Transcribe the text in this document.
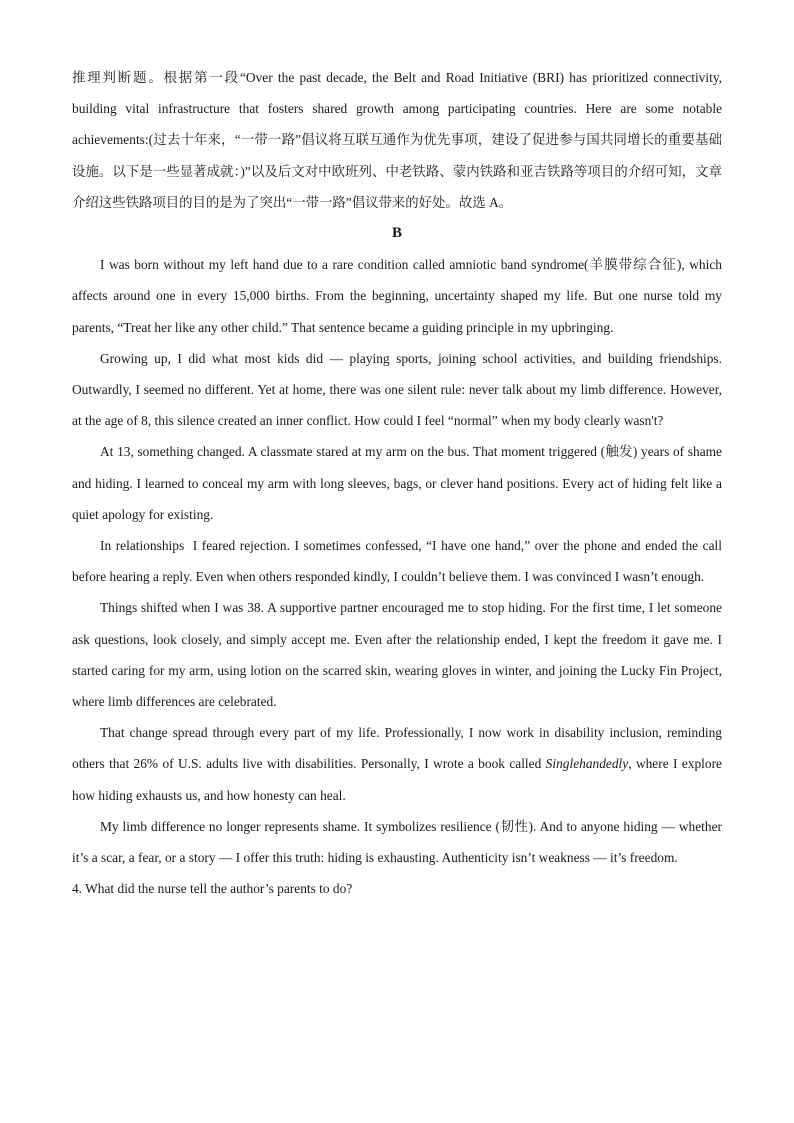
推理判断题。根据第一段“Over the past decade, the Belt and Road Initiative (BRI) has prioritized connectivity, building vital infrastructure that fosters shared growth among participating countries. Here are some notable achievements:(过去十年来，“一带一路”倡议将互联互通作为优先事项，建设了促进参与国共同增长的重要基础设施。以下是一些显著成就：)”以及后文对中欧班列、中老铁路、蒙内铁路和亚吉铁路等项目的介绍可知，文章介绍这些铁路项目的目的是为了突出“一带一路”倡议带来的好处。故选 A。

B

I was born without my left hand due to a rare condition called amniotic band syndrome(羊膜带综合征), which affects around one in every 15,000 births. From the beginning, uncertainty shaped my life. But one nurse told my parents, “Treat her like any other child.” That sentence became a guiding principle in my upbringing.

Growing up, I did what most kids did — playing sports, joining school activities, and building friendships. Outwardly, I seemed no different. Yet at home, there was one silent rule: never talk about my limb difference. However, at the age of 8, this silence created an inner conflict. How could I feel “normal” when my body clearly wasn't?

At 13, something changed. A classmate stared at my arm on the bus. That moment triggered (触发) years of shame and hiding. I learned to conceal my arm with long sleeves, bags, or clever hand positions. Every act of hiding felt like a quiet apology for existing.

In relationships I feared rejection. I sometimes confessed, “I have one hand,” over the phone and ended the call before hearing a reply. Even when others responded kindly, I couldn’t believe them. I was convinced I wasn’t enough.

Things shifted when I was 38. A supportive partner encouraged me to stop hiding. For the first time, I let someone ask questions, look closely, and simply accept me. Even after the relationship ended, I kept the freedom it gave me. I started caring for my arm, using lotion on the scarred skin, wearing gloves in winter, and joining the Lucky Fin Project, where limb differences are celebrated.

That change spread through every part of my life. Professionally, I now work in disability inclusion, reminding others that 26% of U.S. adults live with disabilities. Personally, I wrote a book called Singlehandedly, where I explore how hiding exhausts us, and how honesty can heal.

My limb difference no longer represents shame. It symbolizes resilience (韧性). And to anyone hiding — whether it’s a scar, a fear, or a story — I offer this truth: hiding is exhausting. Authenticity isn’t weakness — it’s freedom.

4. What did the nurse tell the author’s parents to do?
